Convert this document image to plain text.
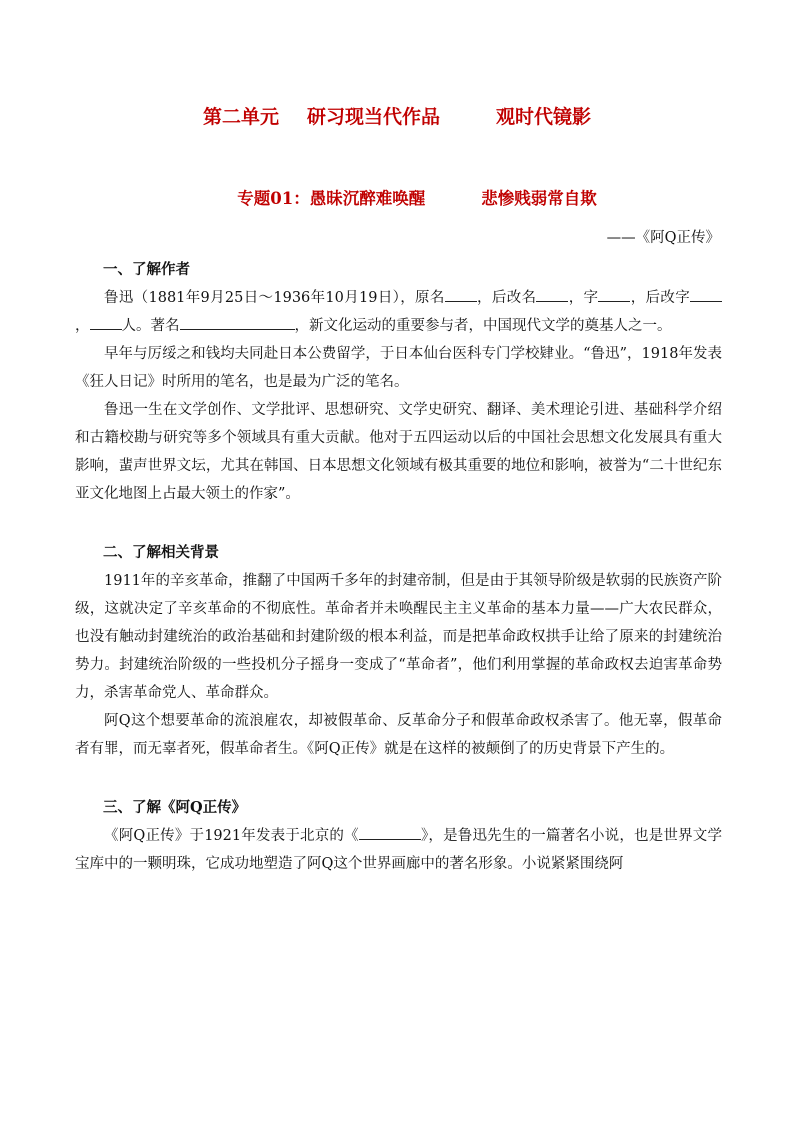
第二单元 研习现当代作品	观时代镜影
专题01：愚昧沉醉难唤醒	悲惨贱弱常自欺
——《阿Q正传》
一、了解作者

鲁迅（1881年9月25日～1936年10月19日），原名 ，后改名 ，字 ，后改字， 人。著名	，新文化运动的重要参与者，中国现代文学的奠基人之一。

早年与厉绥之和钱均夫同赴日本公费留学，于日本仙台医科专门学校肄业。“鲁迅”，1918年发表《狂人日记》时所用的笔名，也是最为广泛的笔名。

鲁迅一生在文学创作、文学批评、思想研究、文学史研究、翻译、美术理论引进、基础科学介绍和古籍校勘与研究等多个领域具有重大贡献。他对于五四运动以后的中国社会思想文化发展具有重大影响，蜚声世界文坛，尤其在韩国、日本思想文化领域有极其重要的地位和影响，被誉为“二十世纪东亚文化地图上占最大领土的作家”。

二、了解相关背景

1911年的辛亥革命，推翻了中国两千多年的封建帝制，但是由于其领导阶级是软弱的民族资产阶级，这就决定了辛亥革命的不彻底性。革命者并未唤醒民主主义革命的基本力量——广大农民群众，也没有触动封建统治的政治基础和封建阶级的根本利益，而是把革命政权拱手让给了原来的封建统治势力。封建统治阶级的一些投机分子摇身一变成了“革命者”，他们利用掌握的革命政权去迫害革命势力，杀害革命党人、革命群众。

阿Q这个想要革命的流浪雇农，却被假革命、反革命分子和假革命政权杀害了。他无辜，假革命者有罪，而无辜者死，假革命者生。《阿Q正传》就是在这样的被颠倒了的历史背景下产生的。

三、了解《阿Q正传》

《阿Q正传》于1921年发表于北京的《	》，是鲁迅先生的一篇著名小说，也是世界文学宝库中的一颗明珠，它成功地塑造了阿Q这个世界画廊中的著名形象。小说紧紧围绕阿
